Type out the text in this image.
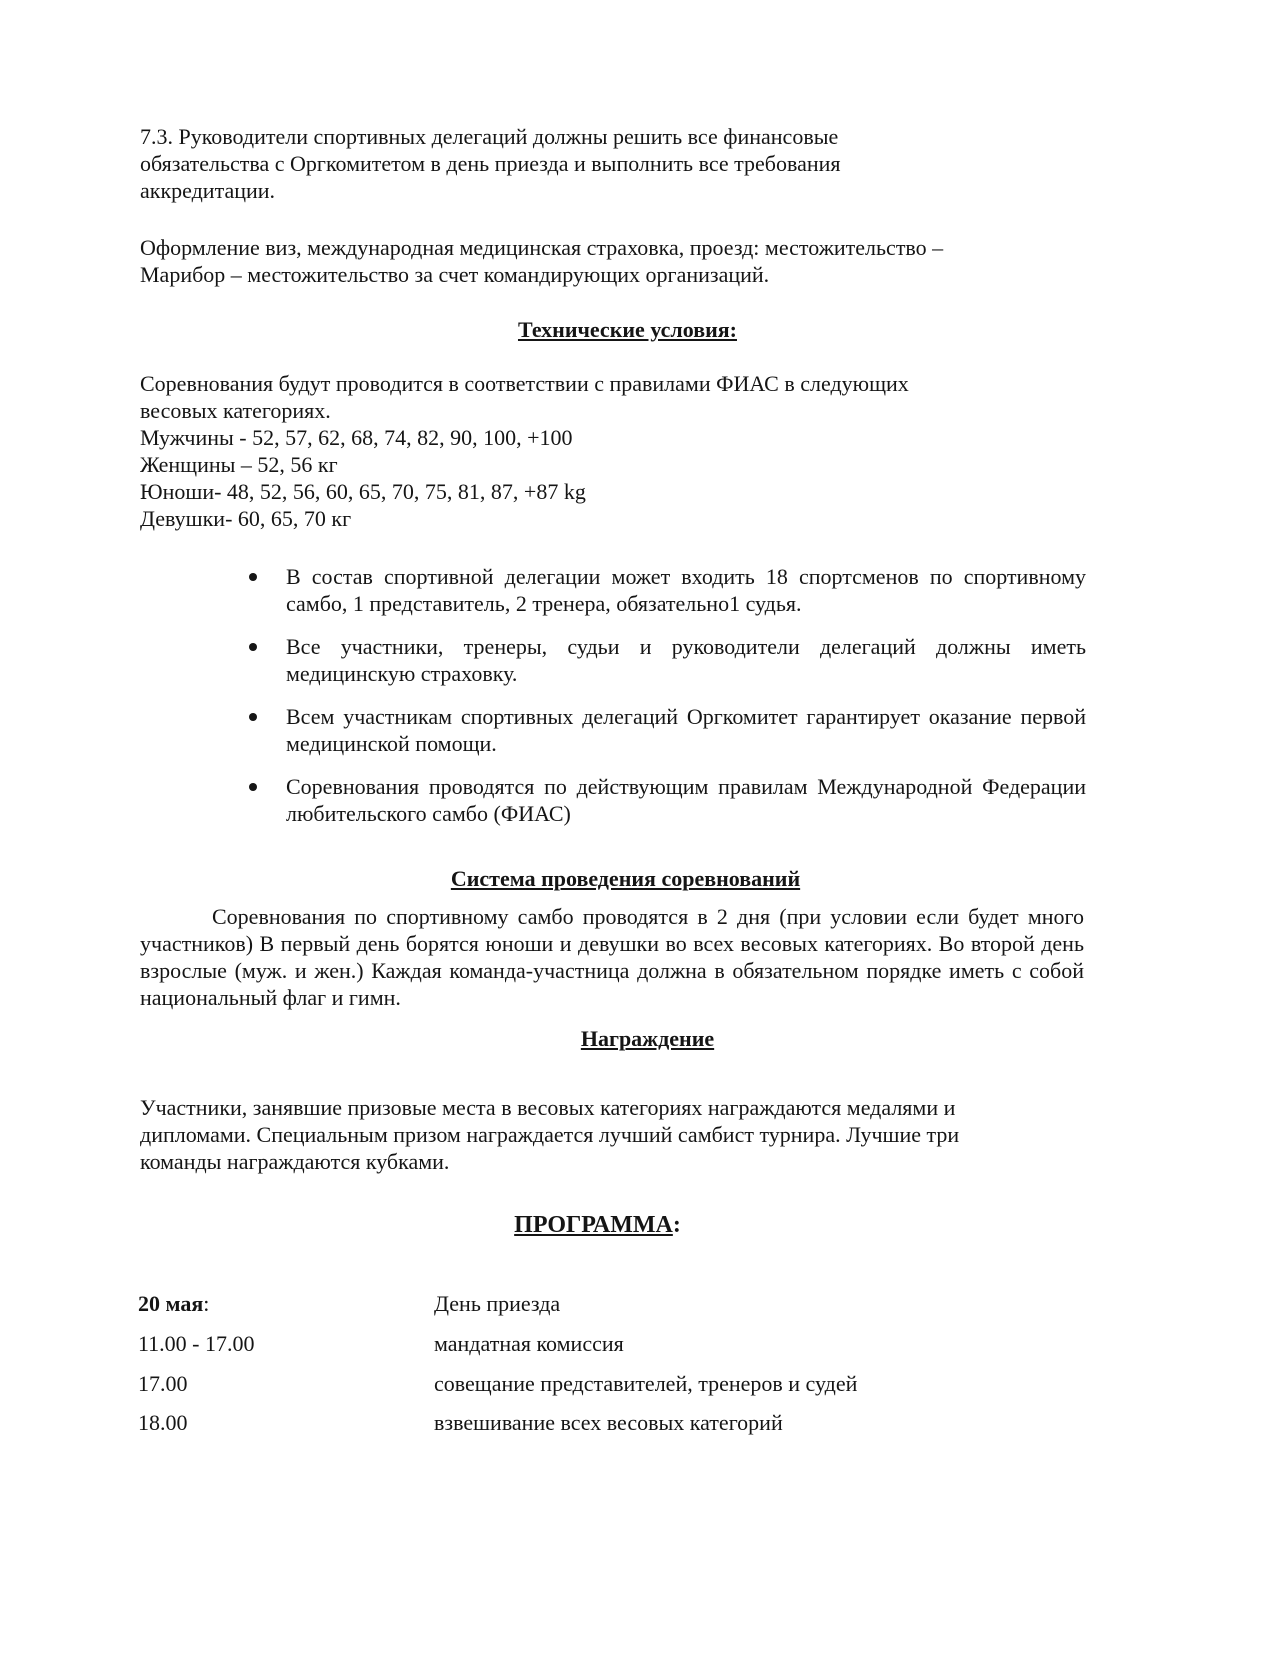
7.3. Руководители спортивных делегаций должны решить все финансовые

обязательства с Оргкомитетом в день приезда и выполнить все требования

аккредитации.

Оформление виз, международная медицинская страховка, проезд: местожительство –

Марибор – местожительство за счет командирующих организаций.

Технические условия:

Соревнования будут проводится в соответствии с правилами ФИАС в следующих

весовых категориях.

Мужчины - 52, 57, 62, 68, 74, 82, 90, 100, +100

Женщины – 52, 56 кг

Юноши- 48, 52, 56, 60, 65, 70, 75, 81, 87, +87 kg

Девушки- 60, 65, 70 кг

В состав спортивной делегации может входить 18 спортсменов по спортивному самбо, 1 представитель, 2 тренера, обязательно1 судья.
Все участники, тренеры, судьи и руководители делегаций должны иметь медицинскую страховку.
Всем участникам спортивных делегаций Оргкомитет гарантирует оказание первой медицинской помощи.
Соревнования проводятся по действующим правилам Международной Федерации любительского самбо (ФИАС)
Система проведения соревнований
Соревнования по спортивному самбо проводятся в 2 дня (при условии если будет много участников) В первый день борятся юноши и девушки во всех весовых категориях. Во второй день взрослые (муж. и жен.) Каждая команда-участница должна в обязательном порядке иметь с собой национальный флаг и гимн.
Награждение

Участники, занявшие призовые места в весовых категориях награждаются медалями и

дипломами. Специальным призом награждается лучший самбист турнира. Лучшие три

команды награждаются кубками.

ПРОГРАММА:
20 мая:	День приезда
11.00 - 17.00	мандатная комиссия
17.00	совещание представителей, тренеров и судей
18.00	взвешивание всех весовых категорий
